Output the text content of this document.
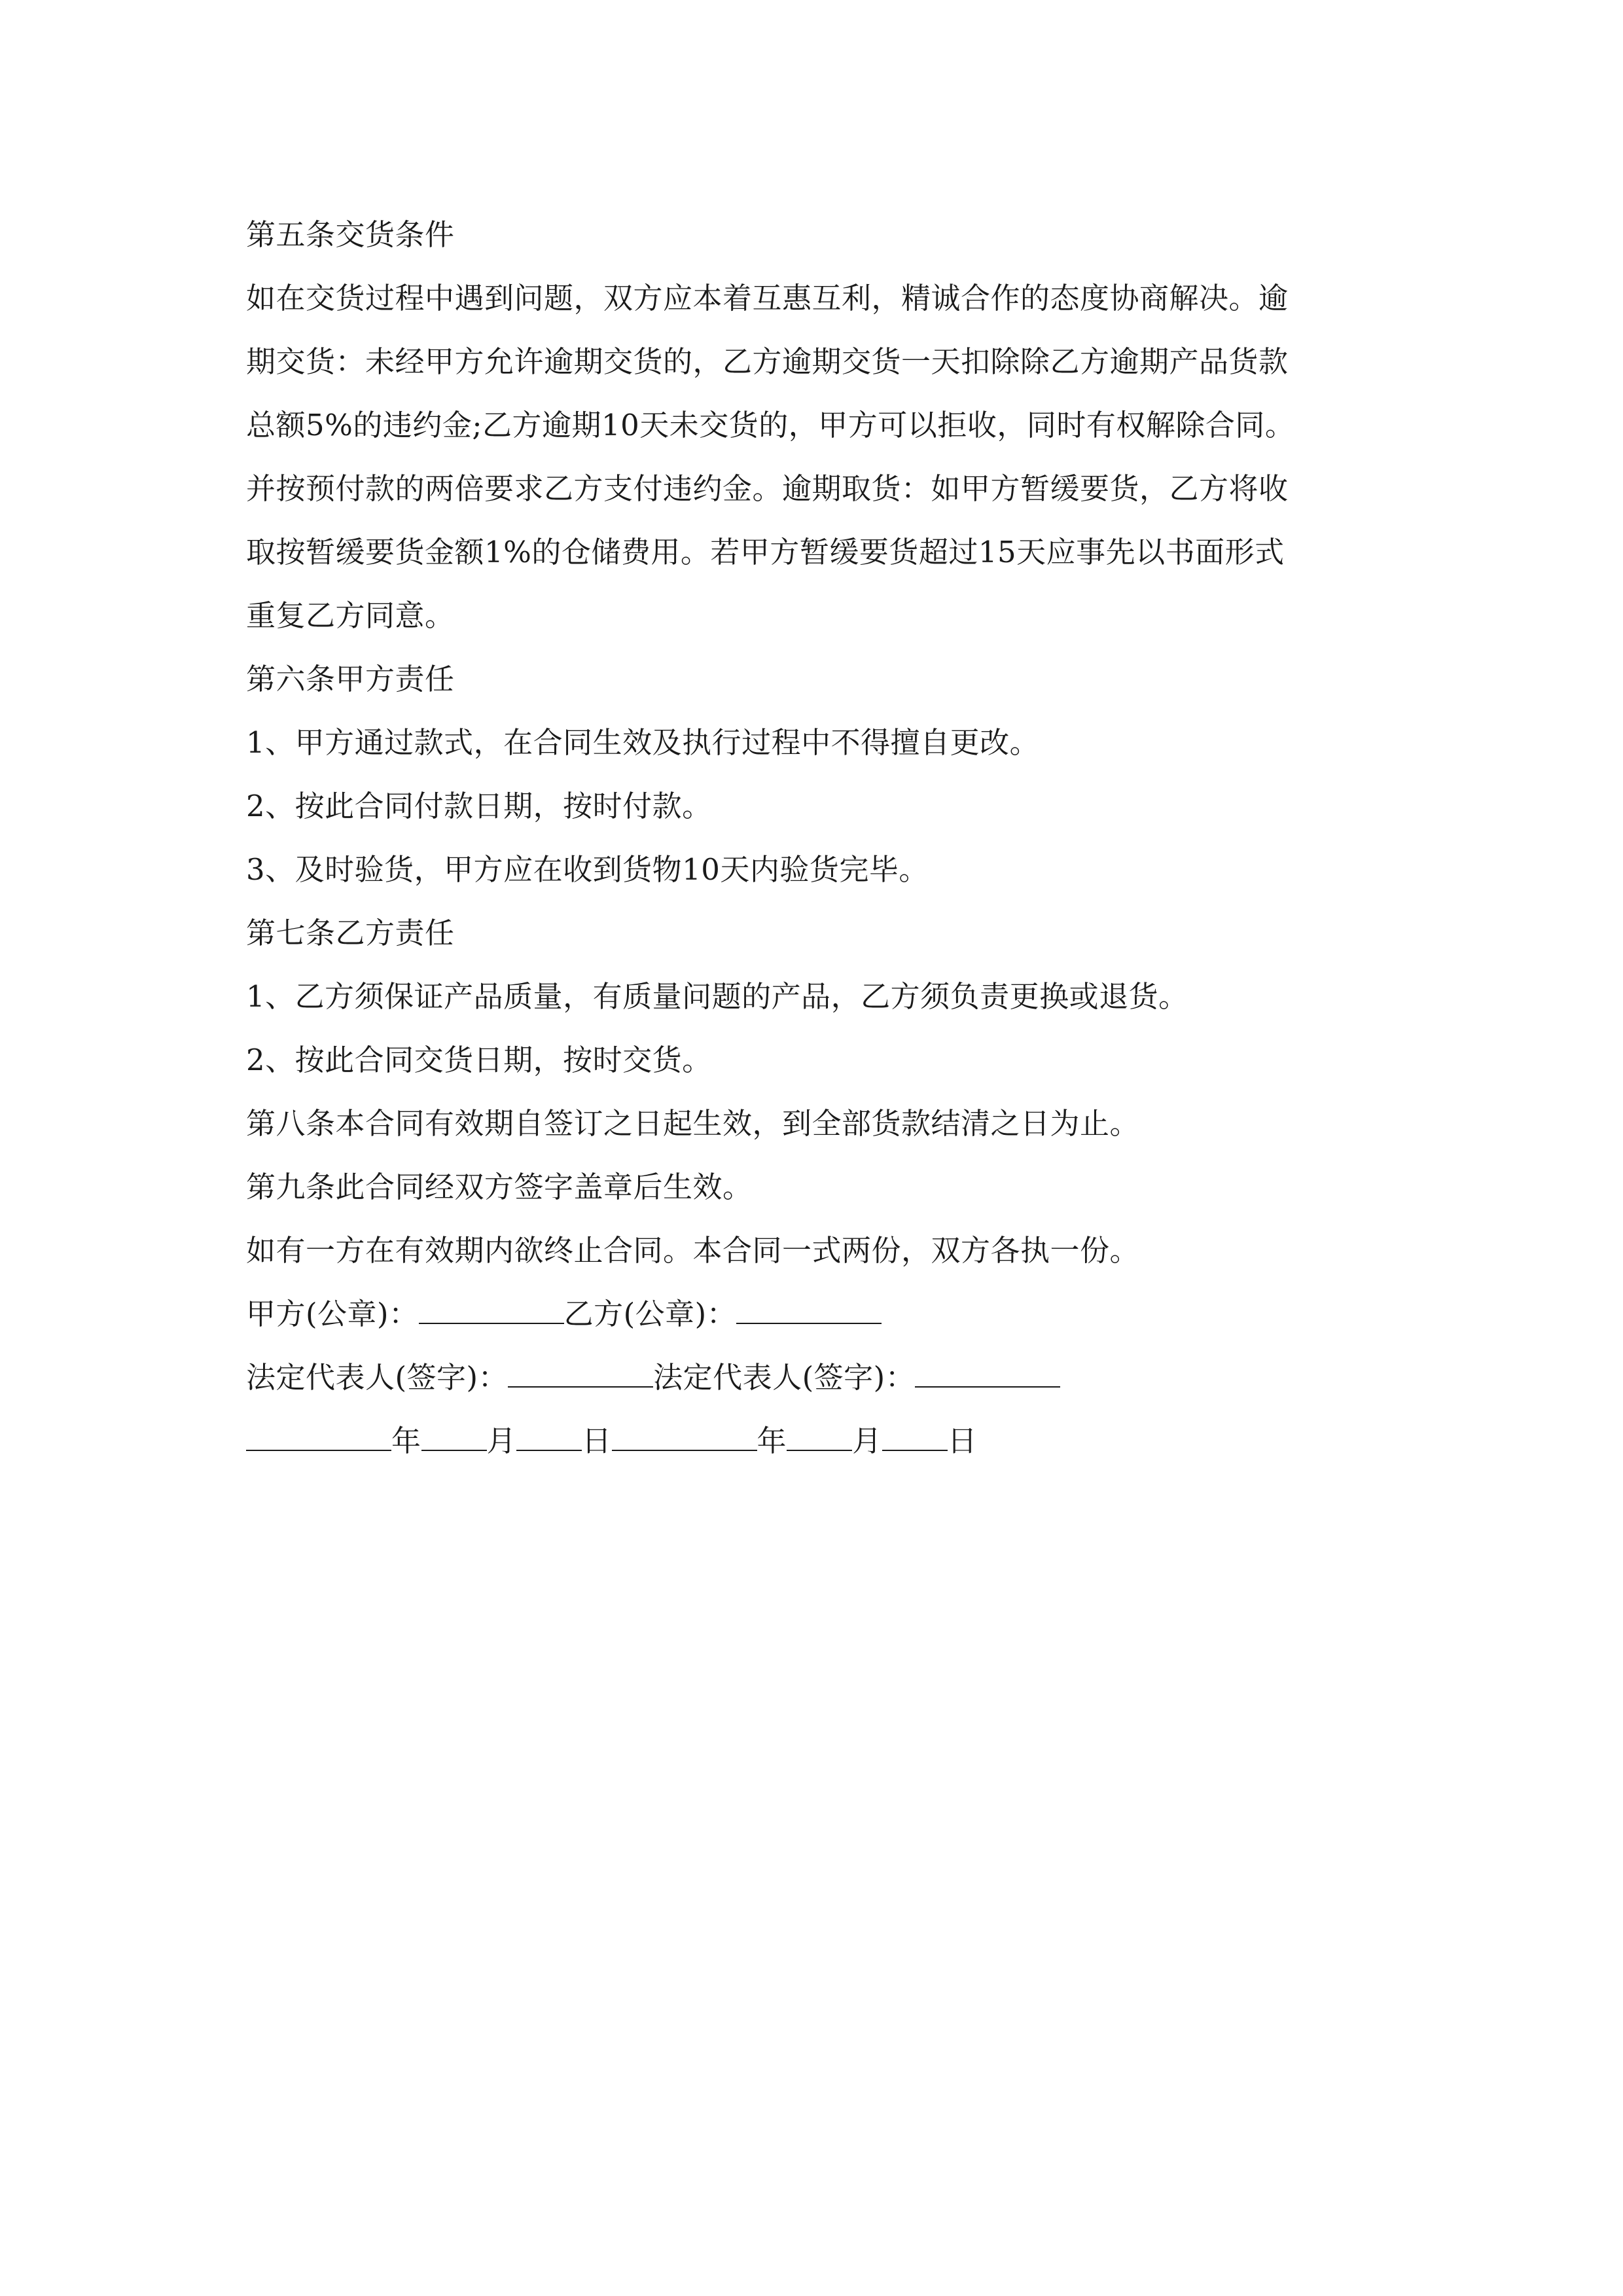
第五条交货条件
如在交货过程中遇到问题，双方应本着互惠互利，精诚合作的态度协商解决。逾
期交货：未经甲方允许逾期交货的，乙方逾期交货一天扣除除乙方逾期产品货款
总额5%的违约金;乙方逾期10天未交货的，甲方可以拒收，同时有权解除合同。
并按预付款的两倍要求乙方支付违约金。逾期取货：如甲方暂缓要货，乙方将收
取按暂缓要货金额1%的仓储费用。若甲方暂缓要货超过15天应事先以书面形式
重复乙方同意。
第六条甲方责任
1、甲方通过款式，在合同生效及执行过程中不得擅自更改。
2、按此合同付款日期，按时付款。
3、及时验货，甲方应在收到货物10天内验货完毕。
第七条乙方责任
1、乙方须保证产品质量，有质量问题的产品，乙方须负责更换或退货。
2、按此合同交货日期，按时交货。
第八条本合同有效期自签订之日起生效，到全部货款结清之日为止。
第九条此合同经双方签字盖章后生效。
如有一方在有效期内欲终止合同。本合同一式两份，双方各执一份。
甲方(公章)：	乙方(公章)：
法定代表人(签字)：	法定代表人(签字)：
年 月 日	年 月 日
